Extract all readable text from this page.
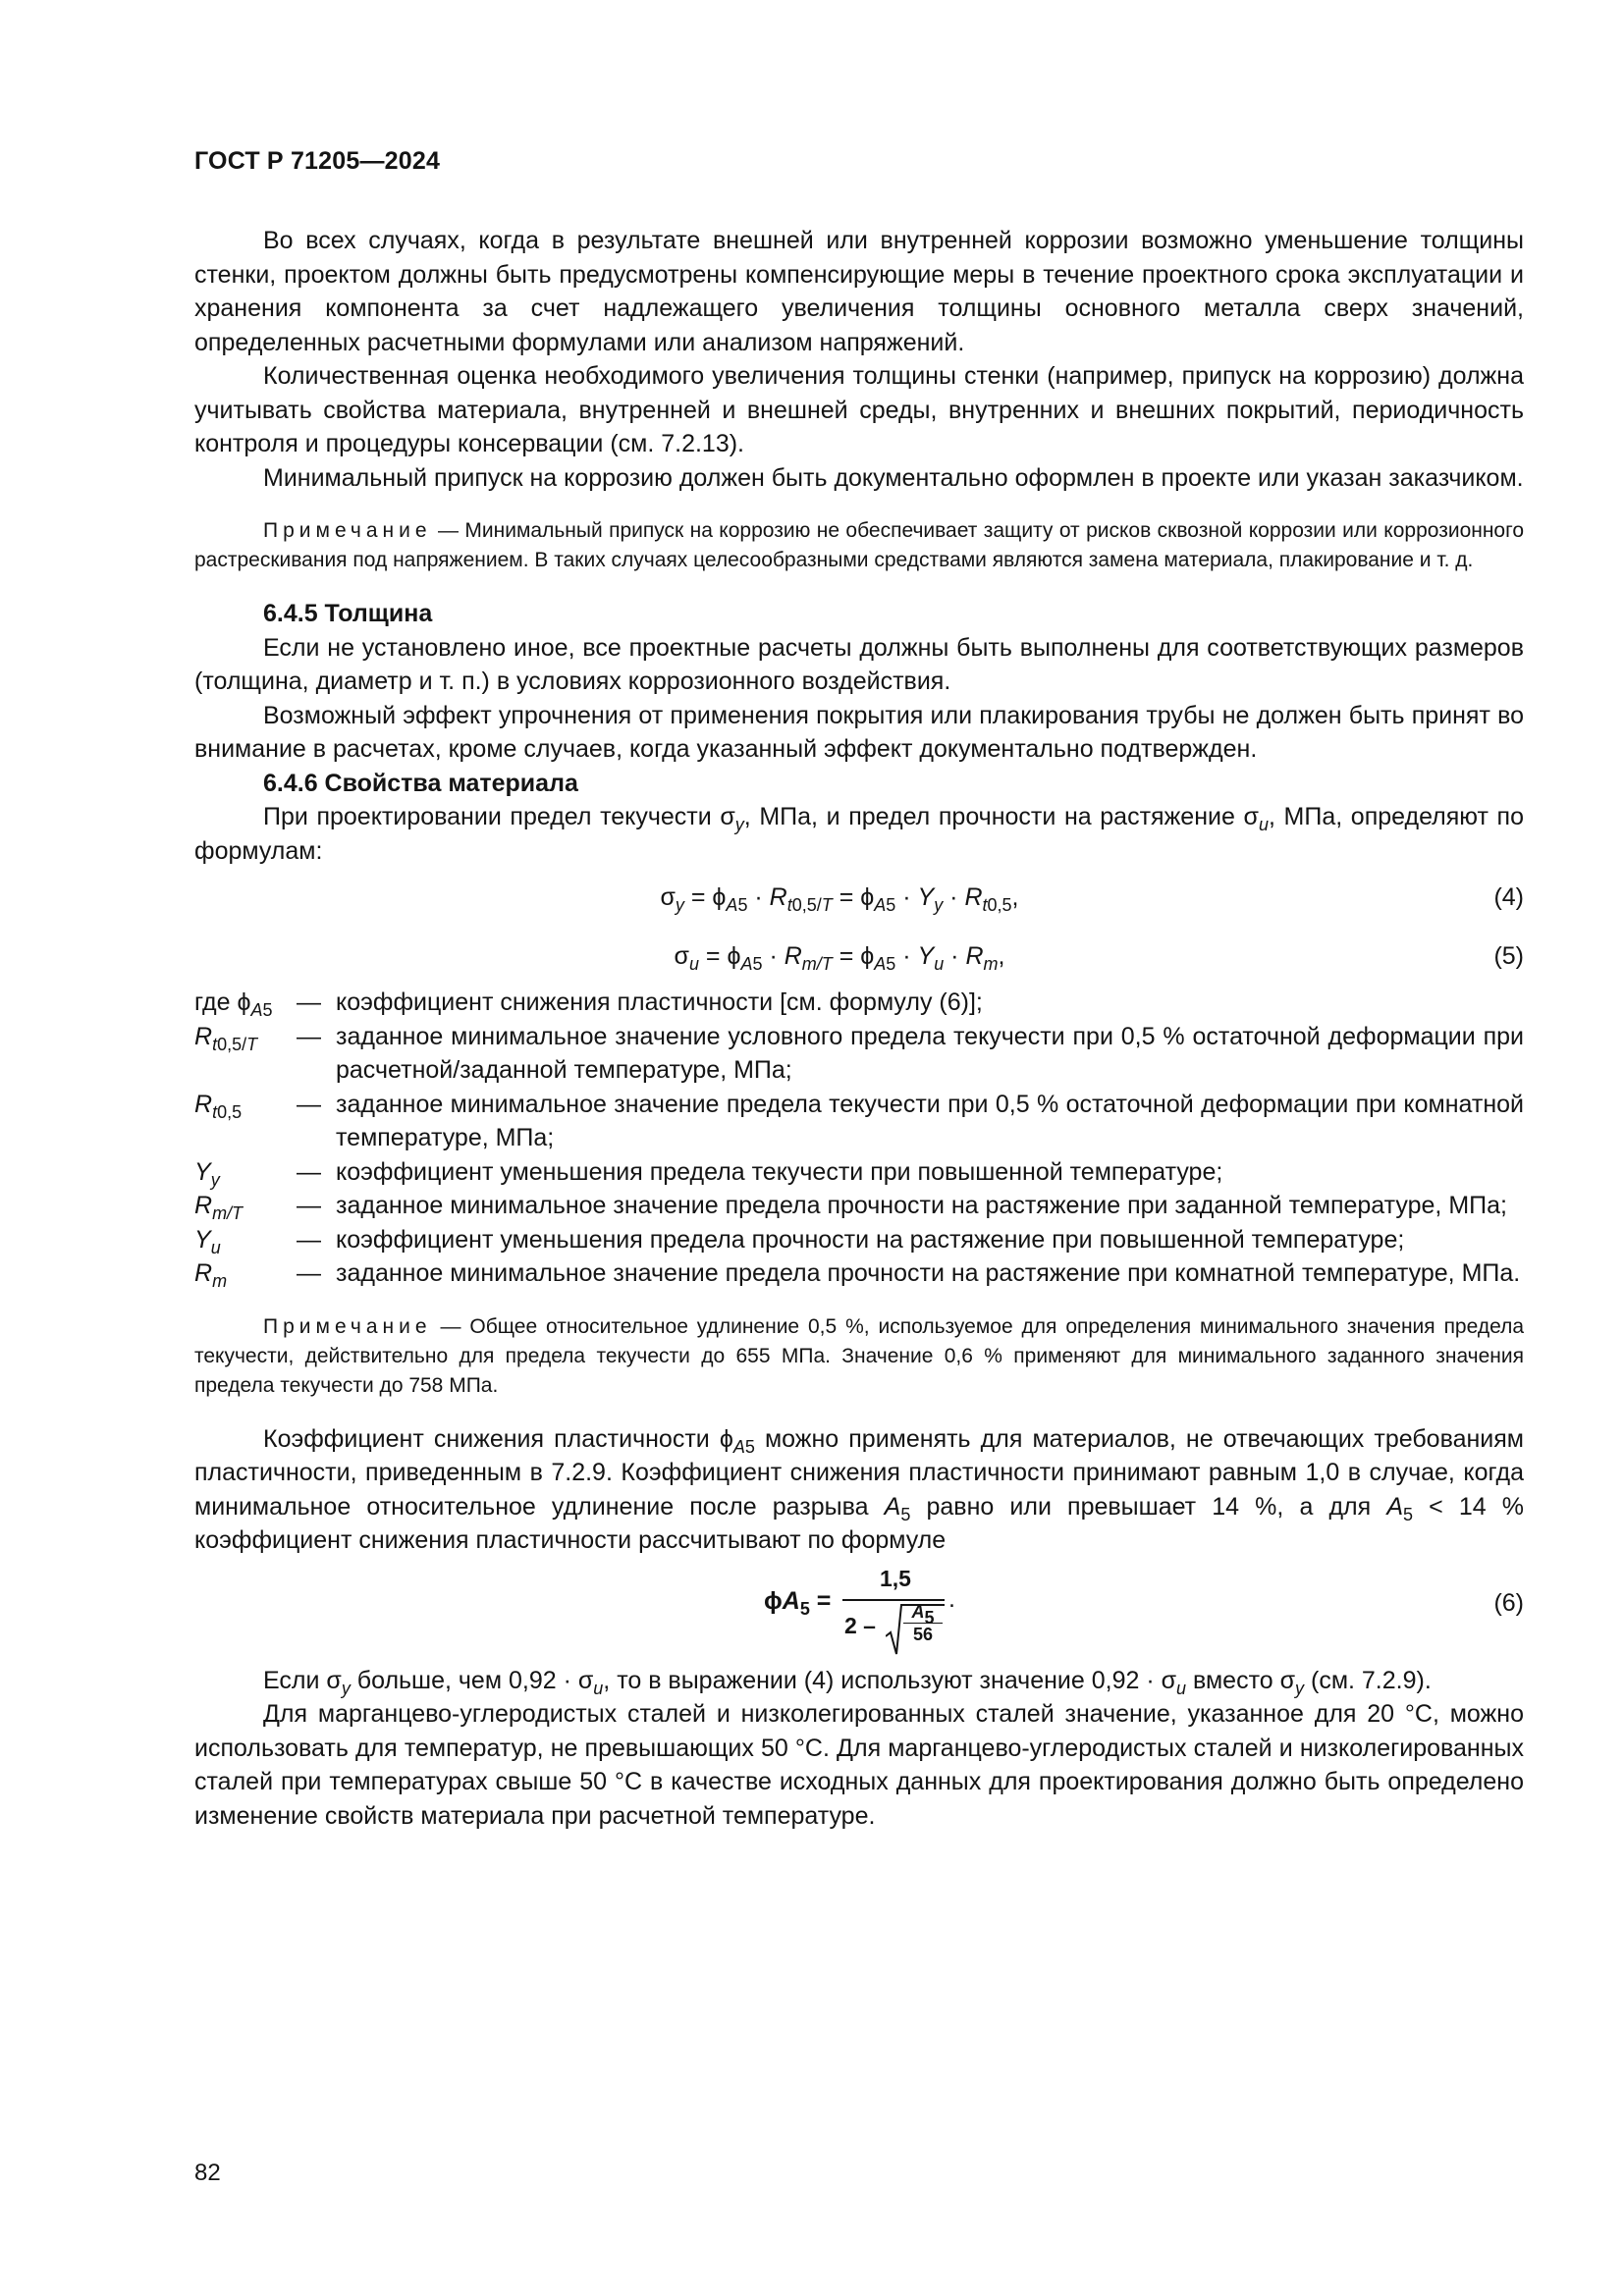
ГОСТ Р 71205—2024

Во всех случаях, когда в результате внешней или внутренней коррозии возможно уменьшение толщины стенки, проектом должны быть предусмотрены компенсирующие меры в течение проектного срока эксплуатации и хранения компонента за счет надлежащего увеличения толщины основного металла сверх значений, определенных расчетными формулами или анализом напряжений.

Количественная оценка необходимого увеличения толщины стенки (например, припуск на коррозию) должна учитывать свойства материала, внутренней и внешней среды, внутренних и внешних покрытий, периодичность контроля и процедуры консервации (см. 7.2.13).

Минимальный припуск на коррозию должен быть документально оформлен в проекте или указан заказчиком.

Примечание — Минимальный припуск на коррозию не обеспечивает защиту от рисков сквозной коррозии или коррозионного растрескивания под напряжением. В таких случаях целесообразными средствами являются замена материала, плакирование и т. д.

6.4.5 Толщина

Если не установлено иное, все проектные расчеты должны быть выполнены для соответствующих размеров (толщина, диаметр и т. п.) в условиях коррозионного воздействия.

Возможный эффект упрочнения от применения покрытия или плакирования трубы не должен быть принят во внимание в расчетах, кроме случаев, когда указанный эффект документально подтвержден.

6.4.6 Свойства материала

При проектировании предел текучести $\sigma_y$, МПа, и предел прочности на растяжение $\sigma_u$, МПа, определяют по формулам:

$\sigma_y = \phi_{A5} \cdot R_{t0,5/T} = \phi_{A5} \cdot Y_y \cdot R_{t0,5}$,	(4)
$\sigma_u = \phi_{A5} \cdot R_{m/T} = \phi_{A5} \cdot Y_u \cdot R_m$,	(5)
где $\phi_{A5}$ — коэффициент снижения пластичности [см. формулу (6)];
$R_{t0,5/T}$	— заданное минимальное значение условного предела текучести при 0,5 % остаточной деформации при расчетной/заданной температуре, МПа;
$R_{t0,5}$	— заданное минимальное значение предела текучести при 0,5 % остаточной деформации при комнатной температуре, МПа;
$Y_y$	— коэффициент уменьшения предела текучести при повышенной температуре;
$R_{m/T}$	— заданное минимальное значение предела прочности на растяжение при заданной температуре, МПа;
$Y_u$	— коэффициент уменьшения предела прочности на растяжение при повышенной температуре;
$R_m$	— заданное минимальное значение предела прочности на растяжение при комнатной температуре, МПа.

Примечание — Общее относительное удлинение 0,5 %, используемое для определения минимального значения предела текучести, действительно для предела текучести до 655 МПа. Значение 0,6 % применяют для минимального заданного значения предела текучести до 758 МПа.

Коэффициент снижения пластичности $\phi_{A5}$ можно применять для материалов, не отвечающих требованиям пластичности, приведенным в 7.2.9. Коэффициент снижения пластичности принимают равным 1,0 в случае, когда минимальное относительное удлинение после разрыва $A_5$ равно или превышает 14 %, а для $A_5 < 14$ % коэффициент снижения пластичности рассчитывают по формуле

$\phi A_5$ =
1,5
2 –
$A_5$
56
.	(6)

Если $\sigma_y$ больше, чем $0,92 \cdot \sigma_u$, то в выражении (4) используют значение $0,92 \cdot \sigma_u$ вместо $\sigma_y$ (см. 7.2.9).

Для марганцево-углеродистых сталей и низколегированных сталей значение, указанное для 20 °C, можно использовать для температур, не превышающих 50 °C. Для марганцево-углеродистых сталей и низколегированных сталей при температурах свыше 50 °C в качестве исходных данных для проектирования должно быть определено изменение свойств материала при расчетной температуре.

82
